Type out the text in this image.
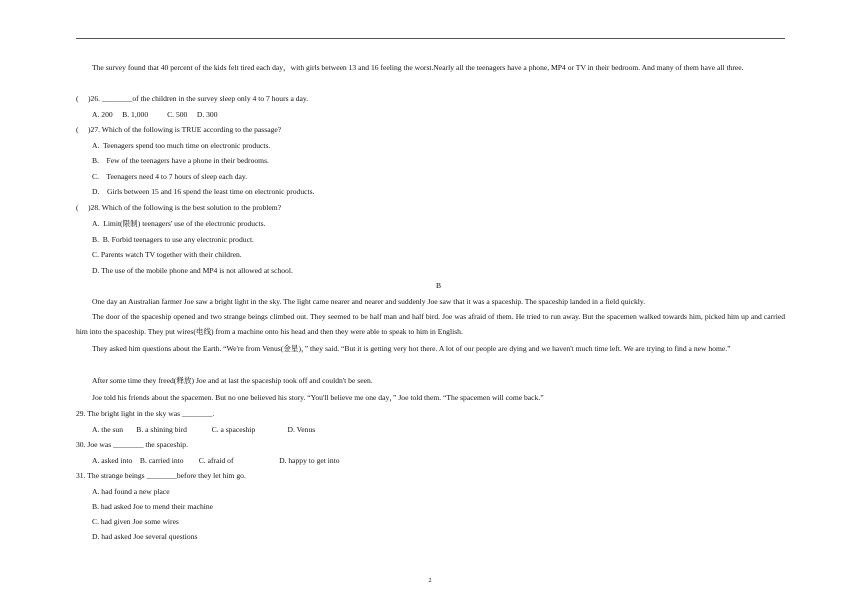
The survey found that 40 percent of the kids felt tired each day，with girls between 13 and 16 feeling the worst.Nearly all the teenagers have a phone, MP4 or TV in their bedroom. And many of them have all three.
(     )26. ________of the children in the survey sleep only 4 to 7 hours a day.
A. 200     B. 1,000          C. 500     D. 300
(     )27. Which of the following is TRUE according to the passage?
A.  Teenagers spend too much time on electronic products.
B.    Few of the teenagers have a phone in their bedrooms.
C.    Teenagers need 4 to 7 hours of sleep each day.
D.    Girls between 15 and 16 spend the least time on electronic products.
(     )28. Which of the following is the best solution to the problem?
A.  Limit(限制) teenagers' use of the electronic products.
B.  B. Forbid teenagers to use any electronic product.
C. Parents watch TV together with their children.
D. The use of the mobile phone and MP4 is not allowed at school.
B
One day an Australian farmer Joe saw a bright light in the sky. The light came nearer and nearer and suddenly Joe saw that it was a spaceship. The spaceship landed in a field quickly.
The door of the spaceship opened and two strange beings climbed out. They seemed to be half man and half bird. Joe was afraid of them. He tried to run away. But the spacemen walked towards him, picked him up and carried him into the spaceship. They put wires(电线) from a machine onto his head and then they were able to speak to him in English.
They asked him questions about the Earth. “We're from Venus(金星)，” they said. “But it is getting very hot there. A lot of our people are dying and we haven't much time left. We are trying to find a new home.”
After some time they freed(释放) Joe and at last the spaceship took off and couldn't be seen.
Joe told his friends about the spacemen. But no one believed his story. “You'll believe me one day，” Joe told them. “The spacemen will come back.”
29. The bright light in the sky was ________.
A. the sun       B. a shining bird             C. a spaceship                 D. Venus
30. Joe was ________ the spaceship.
A. asked into    B. carried into        C. afraid of                        D. happy to get into
31. The strange beings ________before they let him go.
A. had found a new place
B. had asked Joe to mend their machine
C. had given Joe some wires
D. had asked Joe several questions
2
